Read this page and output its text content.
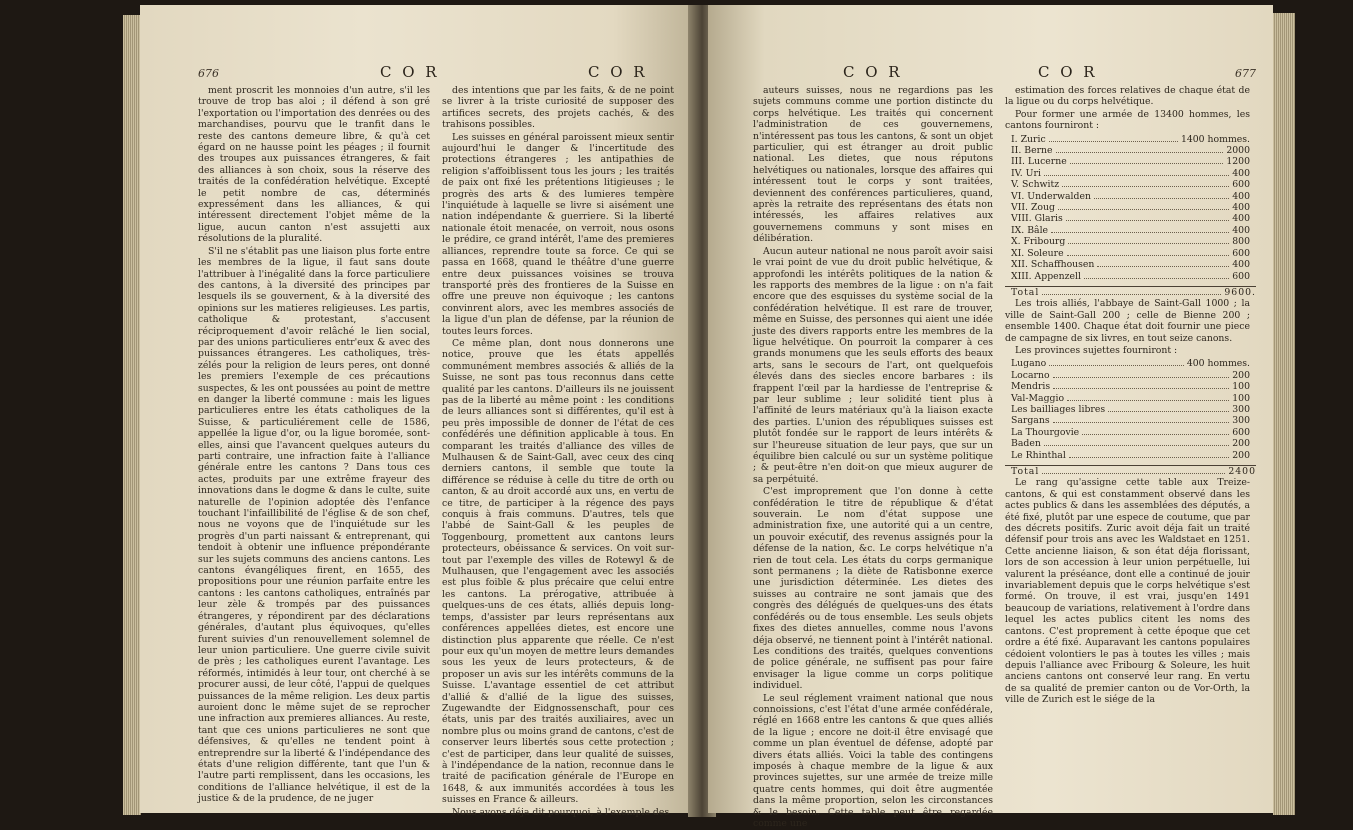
676	C O R	C O R

ment proscrit les monnoies d'un autre, s'il les trouve de trop bas aloi ; il défend à son gré l'exportation ou l'importation des denrées ou des marchandises, pourvu que le tranfit dans le reste des cantons demeure libre, & qu'à cet égard on ne hausse point les péages ; il fournit des troupes aux puissances étrangeres, & fait des alliances à son choix, sous la réserve des traités de la confédération helvétique. Excepté le petit nombre de cas, déterminés expressément dans les alliances, & qui intéressent directement l'objet même de la ligue, aucun canton n'est assujetti aux résolutions de la pluralité.

S'il ne s'établit pas une liaison plus forte entre les membres de la ligue, il faut sans doute l'attribuer à l'inégalité dans la force particuliere des cantons, à la diversité des principes par lesquels ils se gouvernent, & à la diversité des opinions sur les matieres religieuses. Les partis, catholique & protestant, s'accusent réciproquement d'avoir relâché le lien social, par des unions particulieres entr'eux & avec des puissances étrangeres. Les catholiques, très-zélés pour la religion de leurs peres, ont donné les premiers l'exemple de ces précautions suspectes, & les ont poussées au point de mettre en danger la liberté commune : mais les ligues particulieres entre les états catholiques de la Suisse, & particuliérement celle de 1586, appellée la ligue d'or, ou la ligue boromée, sont-elles, ainsi que l'avancent quelques auteurs du parti contraire, une infraction faite à l'alliance générale entre les cantons ? Dans tous ces actes, produits par une extrême frayeur des innovations dans le dogme & dans le culte, suite naturelle de l'opinion adoptée dès l'enfance touchant l'infaillibilité de l'église & de son chef, nous ne voyons que de l'inquiétude sur les progrès d'un parti naissant & entreprenant, qui tendoit à obtenir une influence prépondérante sur les sujets communs des anciens cantons. Les cantons évangéliques firent, en 1655, des propositions pour une réunion parfaite entre les cantons : les cantons catholiques, entraînés par leur zèle & trompés par des puissances étrangeres, y répondirent par des déclarations générales, d'autant plus équivoques, qu'elles furent suivies d'un renouvellement solemnel de leur union particuliere. Une guerre civile suivit de près ; les catholiques eurent l'avantage. Les réformés, intimidés à leur tour, ont cherché à se procurer aussi, de leur côté, l'appui de quelques puissances de la même religion. Les deux partis auroient donc le même sujet de se reprocher une infraction aux premieres alliances. Au reste, tant que ces unions particulieres ne sont que défensives, & qu'elles ne tendent point à entreprendre sur la liberté & l'indépendance des états d'une religion différente, tant que l'un & l'autre parti remplissent, dans les occasions, les conditions de l'alliance helvétique, il est de la justice & de la prudence, de ne juger

des intentions que par les faits, & de ne point se livrer à la triste curiosité de supposer des artifices secrets, des projets cachés, & des trahisons possibles.

Les suisses en général paroissent mieux sentir aujourd'hui le danger & l'incertitude des protections étrangeres ; les antipathies de religion s'affoiblissent tous les jours ; les traités de paix ont fixé les prétentions litigieuses ; le progrès des arts & des lumieres tempère l'inquiétude à laquelle se livre si aisément une nation indépendante & guerriere. Si la liberté nationale étoit menacée, on verroit, nous osons le prédire, ce grand intérêt, l'ame des premieres alliances, reprendre toute sa force. Ce qui se passa en 1668, quand le théâtre d'une guerre entre deux puissances voisines se trouva transporté près des frontieres de la Suisse en offre une preuve non équivoque ; les cantons convinrent alors, avec les membres associés de la ligue d'un plan de défense, par la réunion de toutes leurs forces.

Ce même plan, dont nous donnerons une notice, prouve que les états appellés communément membres associés & alliés de la Suisse, ne sont pas tous reconnus dans cette qualité par les cantons. D'ailleurs ils ne jouissent pas de la liberté au même point : les conditions de leurs alliances sont si différentes, qu'il est à peu près impossible de donner de l'état de ces confédérés une définition applicable à tous. En comparant les traités d'alliance des villes de Mulhausen & de Saint-Gall, avec ceux des cinq derniers cantons, il semble que toute la différence se réduise à celle du titre de orth ou canton, & au droit accordé aux uns, en vertu de ce titre, de participer à la régence des pays conquis à frais communs. D'autres, tels que l'abbé de Saint-Gall & les peuples de Toggenbourg, promettent aux cantons leurs protecteurs, obéissance & services. On voit sur-tout par l'exemple des villes de Rotewyl & de Mulhausen, que l'engagement avec les associés est plus foible & plus précaire que celui entre les cantons. La prérogative, attribuée à quelques-uns de ces états, alliés depuis long-temps, d'assister par leurs représentans aux conférences appellées dietes, est encore une distinction plus apparente que réelle. Ce n'est pour eux qu'un moyen de mettre leurs demandes sous les yeux de leurs protecteurs, & de proposer un avis sur les intérêts communs de la Suisse. L'avantage essentiel de cet attribut d'allié & d'allié de la ligue des suisses, Zugewandte der Eidgnossenschaft, pour ces états, unis par des traités auxiliaires, avec un nombre plus ou moins grand de cantons, c'est de conserver leurs libertés sous cette protection ; c'est de participer, dans leur qualité de suisses, à l'indépendance de la nation, reconnue dans le traité de pacification générale de l'Europe en 1648, & aux immunités accordées à tous les suisses en France & ailleurs.

Nous avons déja dit pourquoi, à l'exemple des

C O R	C O R	677

auteurs suisses, nous ne regardions pas les sujets communs comme une portion distincte du corps helvétique. Les traités qui concernent l'administration de ces gouvernemens, n'intéressent pas tous les cantons, & sont un objet particulier, qui est étranger au droit public national. Les dietes, que nous réputons helvétiques ou nationales, lorsque des affaires qui intéressent tout le corps y sont traitées, deviennent des conférences particulieres, quand, après la retraite des représentans des états non intéressés, les affaires relatives aux gouvernemens communs y sont mises en délibération.

Aucun auteur national ne nous paroît avoir saisi le vrai point de vue du droit public helvétique, & approfondi les intérêts politiques de la nation & les rapports des membres de la ligue : on n'a fait encore que des esquisses du système social de la confédération helvétique. Il est rare de trouver, même en Suisse, des personnes qui aient une idée juste des divers rapports entre les membres de la ligue helvétique. On pourroit la comparer à ces grands monumens que les seuls efforts des beaux arts, sans le secours de l'art, ont quelquefois élevés dans des siecles encore barbares : ils frappent l'œil par la hardiesse de l'entreprise & par leur sublime ; leur solidité tient plus à l'affinité de leurs matériaux qu'à la liaison exacte des parties. L'union des républiques suisses est plutôt fondée sur le rapport de leurs intérêts & sur l'heureuse situation de leur pays, que sur un équilibre bien calculé ou sur un système politique ; & peut-être n'en doit-on que mieux augurer de sa perpétuité.

C'est improprement que l'on donne à cette confédération le titre de république & d'état souverain. Le nom d'état suppose une administration fixe, une autorité qui a un centre, un pouvoir exécutif, des revenus assignés pour la défense de la nation, &c. Le corps helvétique n'a rien de tout cela. Les états du corps germanique sont permanens ; la diète de Ratisbonne exerce une jurisdiction déterminée. Les dietes des suisses au contraire ne sont jamais que des congrès des délégués de quelques-uns des états confédérés ou de tous ensemble. Les seuls objets fixes des dietes annuelles, comme nous l'avons déja observé, ne tiennent point à l'intérêt national. Les conditions des traités, quelques conventions de police générale, ne suffisent pas pour faire envisager la ligue comme un corps politique individuel.

Le seul réglement vraiment national que nous connoissions, c'est l'état d'une armée confédérale, réglé en 1668 entre les cantons & que ques alliés de la ligue ; encore ne doit-il être envisagé que comme un plan éventuel de défense, adopté par divers états alliés. Voici la table des contingens imposés à chaque membre de la ligue & aux provinces sujettes, sur une armée de treize mille quatre cents hommes, qui doit être augmentée dans la même proportion, selon les circonstances & le besoin. Cette table peut être regardée comme une

estimation des forces relatives de chaque état de la ligue ou du corps helvétique.

Pour former une armée de 13400 hommes, les cantons fourniront :

I. Zuric	1400 hommes.
II. Berne	2000
III. Lucerne	1200
IV. Uri	400
V. Schwitz	600
VI. Underwalden	400
VII. Zoug	400
VIII. Glaris	400
IX. Bâle	400
X. Fribourg	800
XI. Soleure	600
XII. Schaffhousen	400
XIII. Appenzell	600
Total	9600.

Les trois alliés, l'abbaye de Saint-Gall 1000 ; la ville de Saint-Gall 200 ; celle de Bienne 200 ; ensemble 1400. Chaque état doit fournir une piece de campagne de six livres, en tout seize canons.

Les provinces sujettes fourniront :

Lugano	400 hommes.
Locarno	200
Mendris	100
Val-Maggio	100
Les bailliages libres	300
Sargans	300
La Thourgovie	600
Baden	200
Le Rhinthal	200
Total	2400

Le rang qu'assigne cette table aux Treize-cantons, & qui est constamment observé dans les actes publics & dans les assemblées des députés, a été fixé, plutôt par une espece de coutume, que par des décrets positifs. Zuric avoit déja fait un traité défensif pour trois ans avec les Waldstaet en 1251. Cette ancienne liaison, & son état déja florissant, lors de son accession à leur union perpétuelle, lui valurent la préséance, dont elle a continué de jouir invariablement depuis que le corps helvétique s'est formé. On trouve, il est vrai, jusqu'en 1491 beaucoup de variations, relativement à l'ordre dans lequel les actes publics citent les noms des cantons. C'est proprement à cette époque que cet ordre a été fixé. Auparavant les cantons populaires cédoient volontiers le pas à toutes les villes ; mais depuis l'alliance avec Fribourg & Soleure, les huit anciens cantons ont conservé leur rang. En vertu de sa qualité de premier canton ou de Vor-Orth, la ville de Zurich est le siége de la
